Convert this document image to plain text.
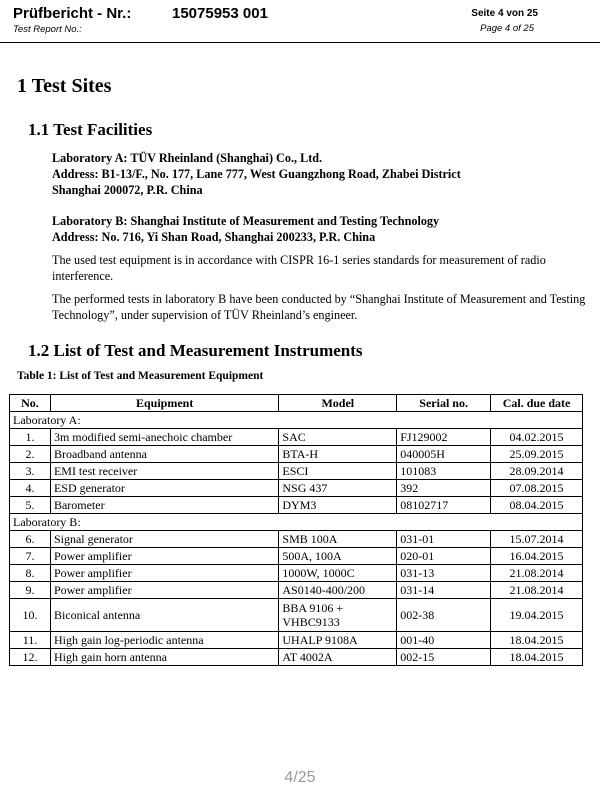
Prüfbericht - Nr.:	15075953 001
Test Report No.:
Seite 4 von 25
Page 4 of 25
1 Test Sites
1.1 Test Facilities
Laboratory A: TÜV Rheinland (Shanghai) Co., Ltd.
Address: B1-13/F., No. 177, Lane 777, West Guangzhong Road, Zhabei District
Shanghai 200072, P.R. China
Laboratory B: Shanghai Institute of Measurement and Testing Technology
Address: No. 716, Yi Shan Road, Shanghai 200233, P.R. China
The used test equipment is in accordance with CISPR 16-1 series standards for measurement of radio interference.
The performed tests in laboratory B have been conducted by “Shanghai Institute of Measurement and Testing Technology”, under supervision of TÜV Rheinland’s engineer.
1.2 List of Test and Measurement Instruments
Table 1: List of Test and Measurement Equipment
No.	Equipment	Model	Serial no.	Cal. due date
Laboratory A:				
1.	3m modified semi-anechoic chamber	SAC	FJ129002	04.02.2015
2.	Broadband antenna	BTA-H	040005H	25.09.2015
3.	EMI test receiver	ESCI	101083	28.09.2014
4.	ESD generator	NSG 437	392	07.08.2015
5.	Barometer	DYM3	08102717	08.04.2015
Laboratory B:				
6.	Signal generator	SMB 100A	031-01	15.07.2014
7.	Power amplifier	500A, 100A	020-01	16.04.2015
8.	Power amplifier	1000W, 1000C	031-13	21.08.2014
9.	Power amplifier	AS0140-400/200	031-14	21.08.2014
10.	Biconical antenna	BBA 9106 + VHBC9133	002-38	19.04.2015
11.	High gain log-periodic antenna	UHALP 9108A	001-40	18.04.2015
12.	High gain horn antenna	AT 4002A	002-15	18.04.2015
4/25
